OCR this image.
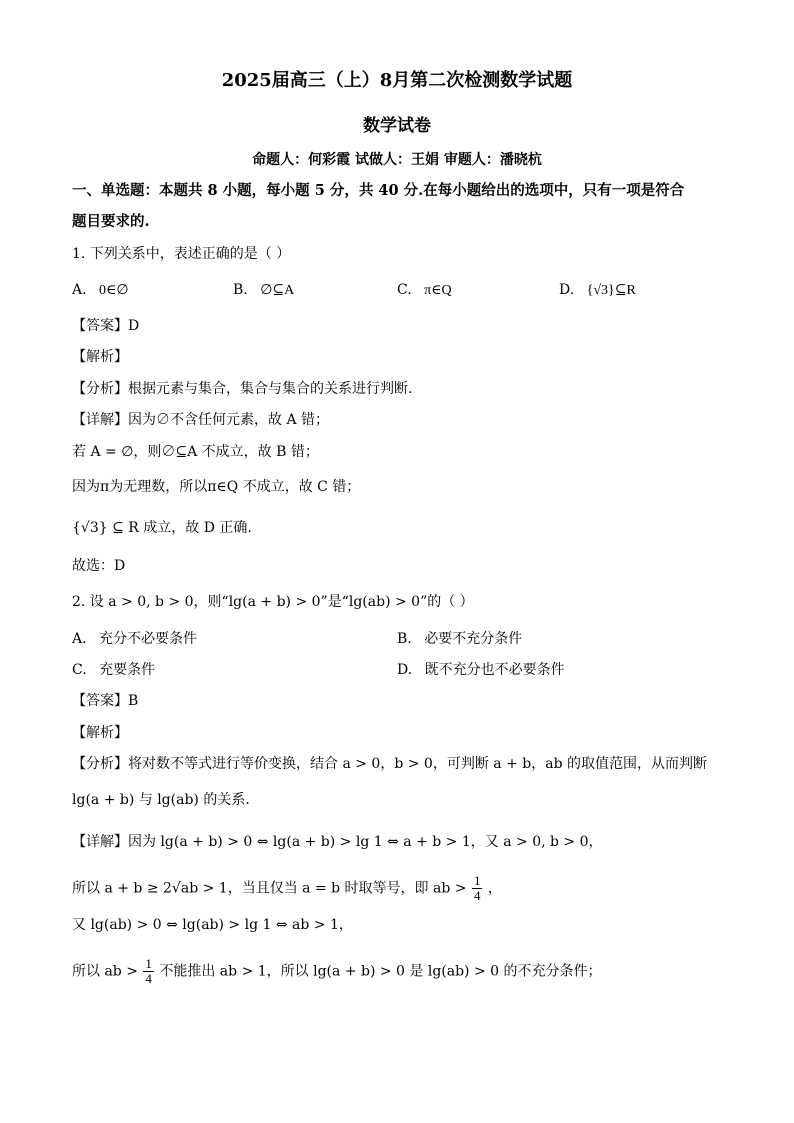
2025届高三（上）8月第二次检测数学试题
数学试卷
命题人：何彩霞 试做人：王娟 审题人：潘晓杭
一、单选题：本题共 8 小题，每小题 5 分，共 40 分.在每小题给出的选项中，只有一项是符合
题目要求的.
1. 下列关系中，表述正确的是（ ）
A. 0∈∅	B. ∅⊆A	C. π∈Q	D. {√3}⊆R
【答案】D
【解析】
【分析】根据元素与集合，集合与集合的关系进行判断.
【详解】因为∅不含任何元素，故 A 错；
若 A = ∅，则∅⊆A 不成立，故 B 错；
因为π为无理数，所以π∈Q 不成立，故 C 错；
{√3} ⊆ R 成立，故 D 正确.
故选：D
2. 设 a > 0, b > 0，则“lg(a + b) > 0”是“lg(ab) > 0”的（ ）
A. 充分不必要条件	B. 必要不充分条件
C. 充要条件	D. 既不充分也不必要条件
【答案】B
【解析】
【分析】将对数不等式进行等价变换，结合 a > 0，b > 0，可判断 a + b，ab 的取值范围，从而判断
lg(a + b) 与 lg(ab) 的关系.
【详解】因为 lg(a + b) > 0 ⇔ lg(a + b) > lg 1 ⇔ a + b > 1，又 a > 0, b > 0，
所以 a + b ≥ 2√ab > 1，当且仅当 a = b 时取等号，即 ab > $\frac{1}{4}$ ，
又 lg(ab) > 0 ⇔ lg(ab) > lg 1 ⇔ ab > 1，
所以 ab > $\frac{1}{4}$ 不能推出 ab > 1，所以 lg(a + b) > 0 是 lg(ab) > 0 的不充分条件；
